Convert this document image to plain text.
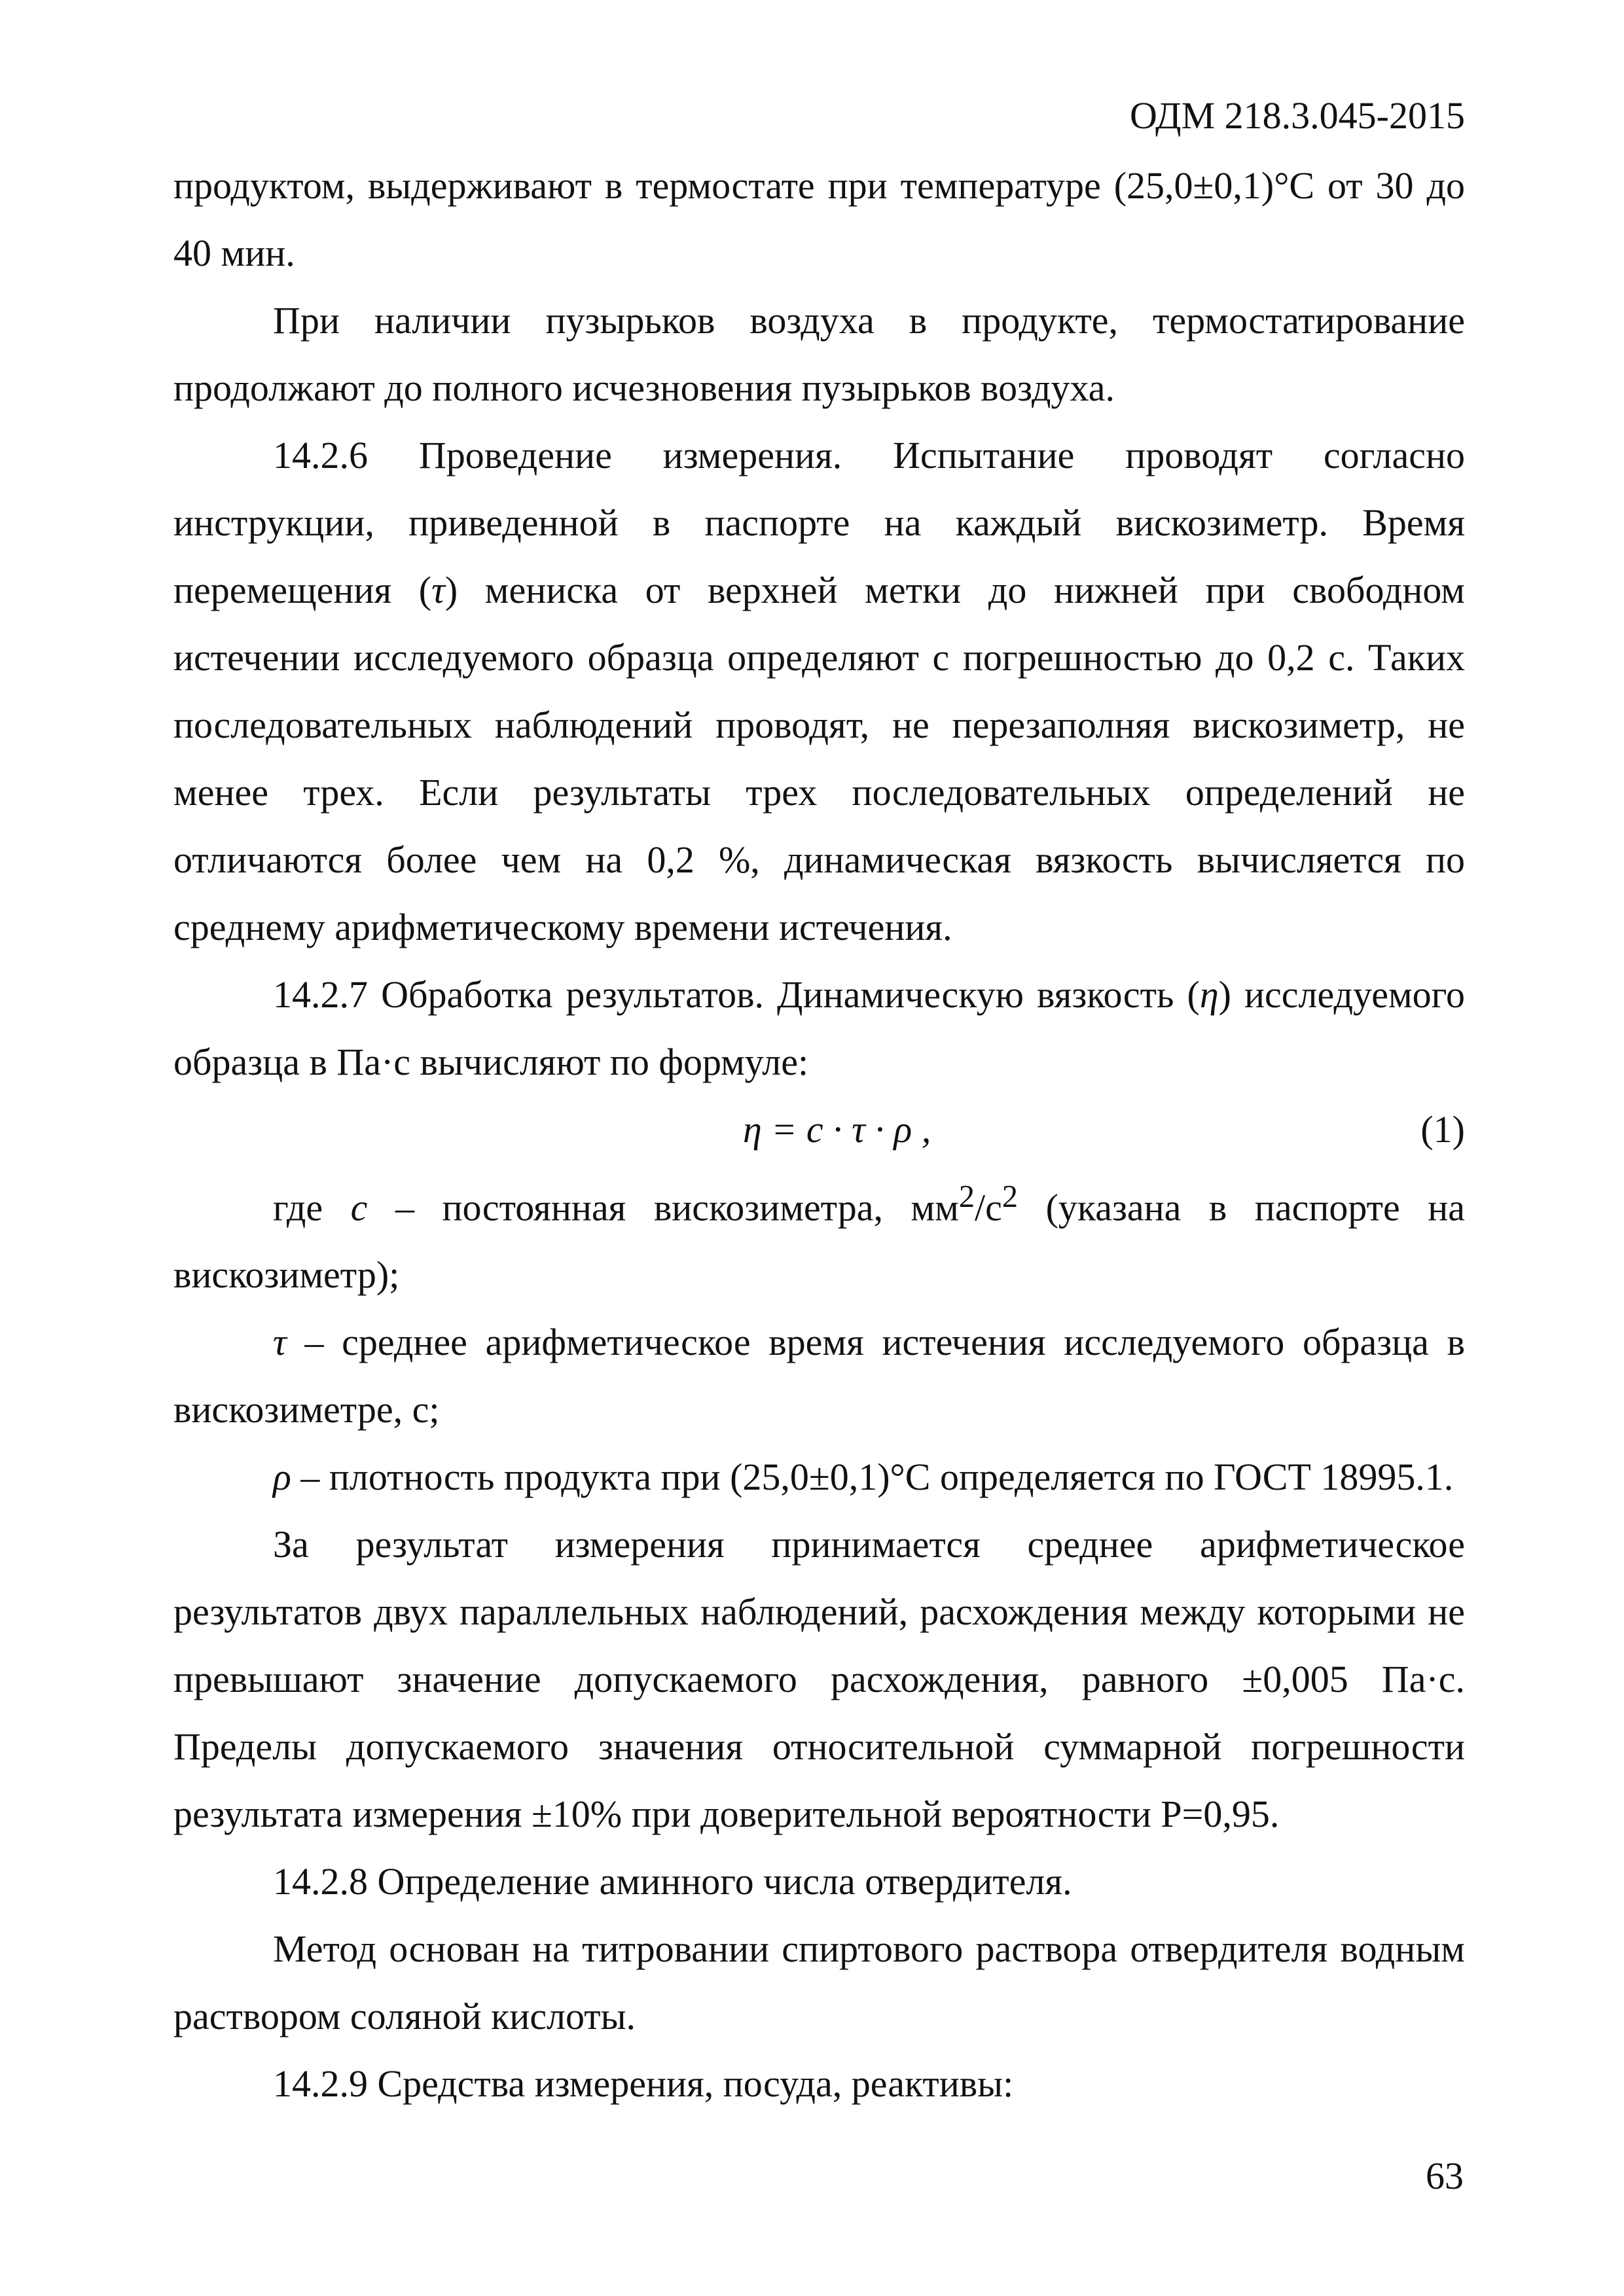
ОДМ 218.3.045-2015

продуктом, выдерживают в термостате при температуре (25,0±0,1)°С от 30 до 40 мин.

При наличии пузырьков воздуха в продукте, термостатирование продолжают до полного исчезновения пузырьков воздуха.

14.2.6 Проведение измерения. Испытание проводят согласно инструкции, приведенной в паспорте на каждый вискозиметр. Время перемещения (τ) мениска от верхней метки до нижней при свободном истечении исследуемого образца определяют с погрешностью до 0,2 с. Таких последовательных наблюдений проводят, не перезаполняя вискозиметр, не менее трех. Если результаты трех последовательных определений не отличаются более чем на 0,2 %, динамическая вязкость вычисляется по среднему арифметическому времени истечения.

14.2.7 Обработка результатов. Динамическую вязкость (η) исследуемого образца в Па·с вычисляют по формуле:

η = c · τ · ρ ,	(1)

где c – постоянная вискозиметра, $мм^2/с^2$ (указана в паспорте на вискозиметр);

τ – среднее арифметическое время истечения исследуемого образца в вискозиметре, с;

ρ – плотность продукта при (25,0±0,1)°С определяется по ГОСТ 18995.1.

За результат измерения принимается среднее арифметическое результатов двух параллельных наблюдений, расхождения между которыми не превышают значение допускаемого расхождения, равного ±0,005 Па·с. Пределы допускаемого значения относительной суммарной погрешности результата измерения ±10% при доверительной вероятности Р=0,95.

14.2.8 Определение аминного числа отвердителя.

Метод основан на титровании спиртового раствора отвердителя водным раствором соляной кислоты.

14.2.9 Средства измерения, посуда, реактивы:

63
